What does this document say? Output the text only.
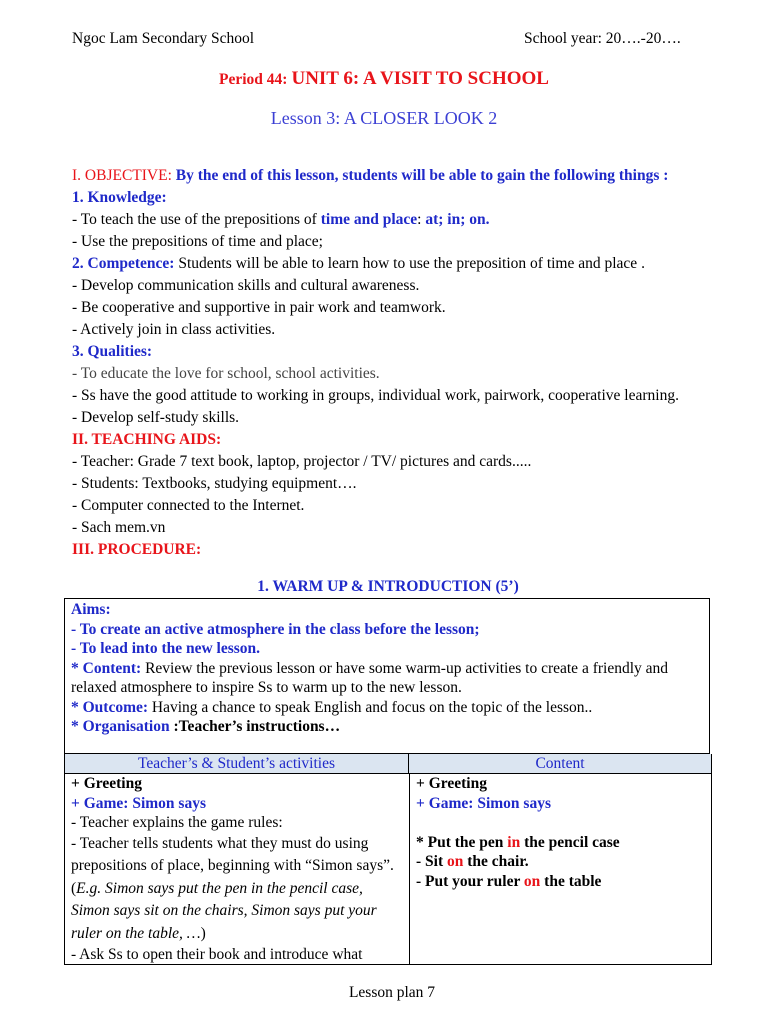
Ngoc Lam Secondary School	School year: 20….-20….
Period 44: UNIT 6: A VISIT TO SCHOOL
Lesson 3: A CLOSER LOOK 2
I. OBJECTIVE: By the end of this lesson, students will be able to gain the following things :
1. Knowledge:
- To teach the use of the prepositions of time and place: at; in; on.
- Use the prepositions of time and place;
2. Competence: Students will be able to learn how to use the preposition of time and place .
- Develop communication skills and cultural awareness.
- Be cooperative and supportive in pair work and teamwork.
- Actively join in class activities.
3. Qualities:
- To educate the love for school, school activities.
- Ss have the good attitude to working in groups, individual work, pairwork, cooperative learning.
- Develop self-study skills.
II. TEACHING AIDS:
- Teacher: Grade 7 text book, laptop, projector / TV/ pictures and cards.....
- Students: Textbooks, studying equipment….
- Computer connected to the Internet.
- Sach mem.vn
III. PROCEDURE:
1. WARM UP & INTRODUCTION (5’)
Aims:
- To create an active atmosphere in the class before the lesson;
- To lead into the new lesson.
* Content: Review the previous lesson or have some warm-up activities to create a friendly and
relaxed atmosphere to inspire Ss to warm up to the new lesson.
* Outcome: Having a chance to speak English and focus on the topic of the lesson..
* Organisation :Teacher’s instructions…
Teacher’s & Student’s activities	Content
+ Greeting
+ Game: Simon says
- Teacher explains the game rules:
- Teacher tells students what they must do using prepositions of place, beginning with “Simon says”. (E.g. Simon says put the pen in the pencil case, Simon says sit on the chairs, Simon says put your ruler on the table, …)
- Ask Ss to open their book and introduce what
+ Greeting
+ Game: Simon says
* Put the pen in the pencil case
- Sit on the chair.
- Put your ruler on the table
Lesson plan 7
